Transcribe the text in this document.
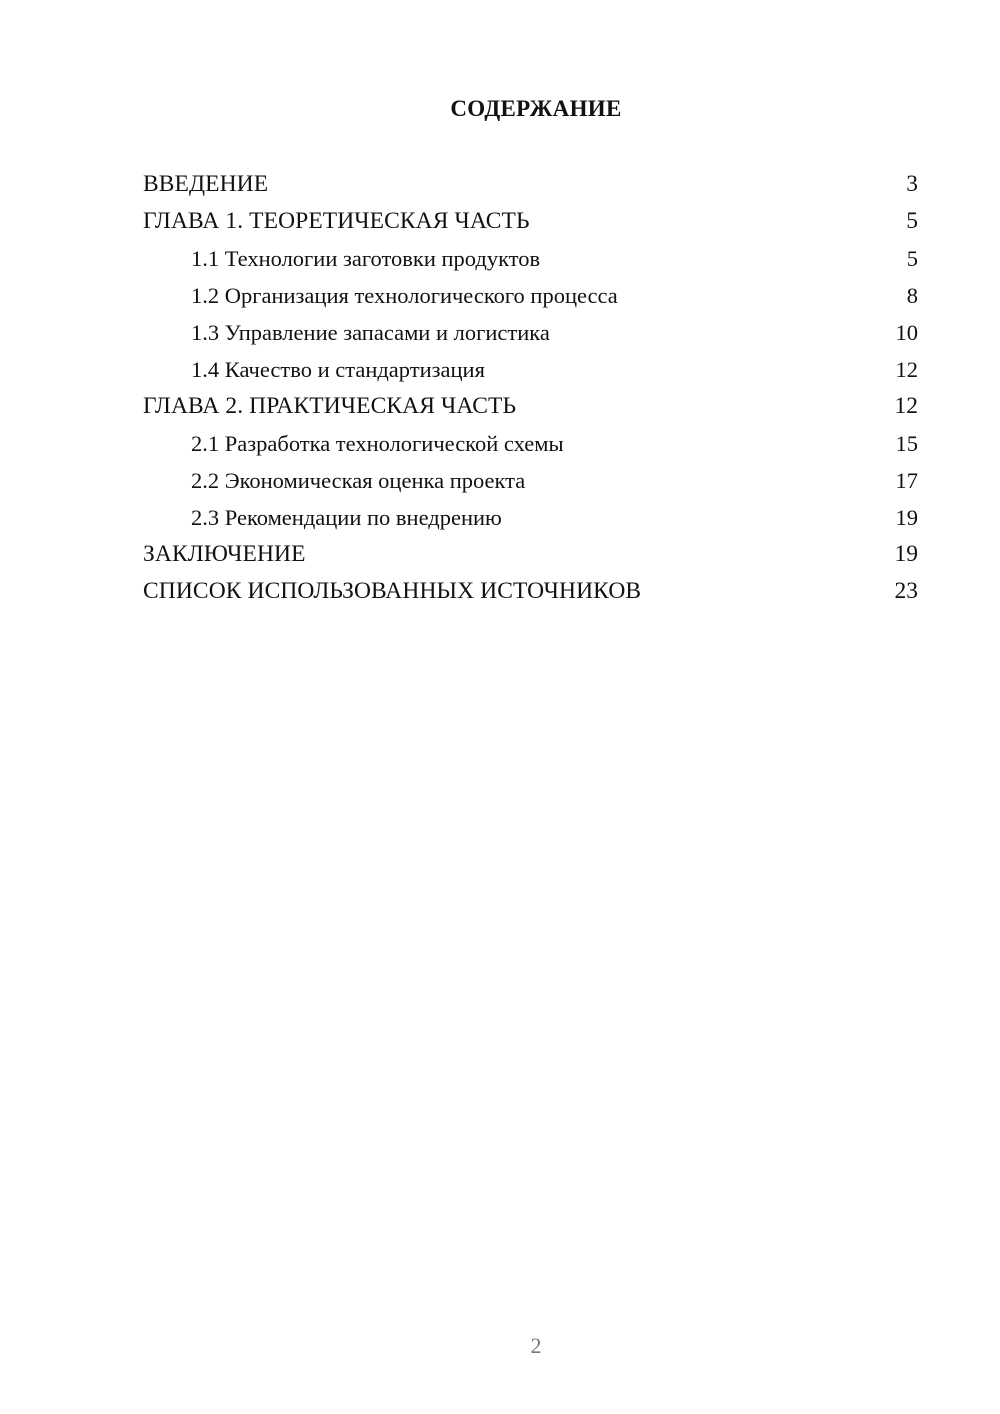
СОДЕРЖАНИЕ
ВВЕДЕНИЕ	3
ГЛАВА 1. ТЕОРЕТИЧЕСКАЯ ЧАСТЬ	5
1.1 Технологии заготовки продуктов	5
1.2 Организация технологического процесса	8
1.3 Управление запасами и логистика	10
1.4 Качество и стандартизация	12
ГЛАВА 2. ПРАКТИЧЕСКАЯ ЧАСТЬ	12
2.1 Разработка технологической схемы	15
2.2 Экономическая оценка проекта	17
2.3 Рекомендации по внедрению	19
ЗАКЛЮЧЕНИЕ	19
СПИСОК ИСПОЛЬЗОВАННЫХ ИСТОЧНИКОВ	23
2
